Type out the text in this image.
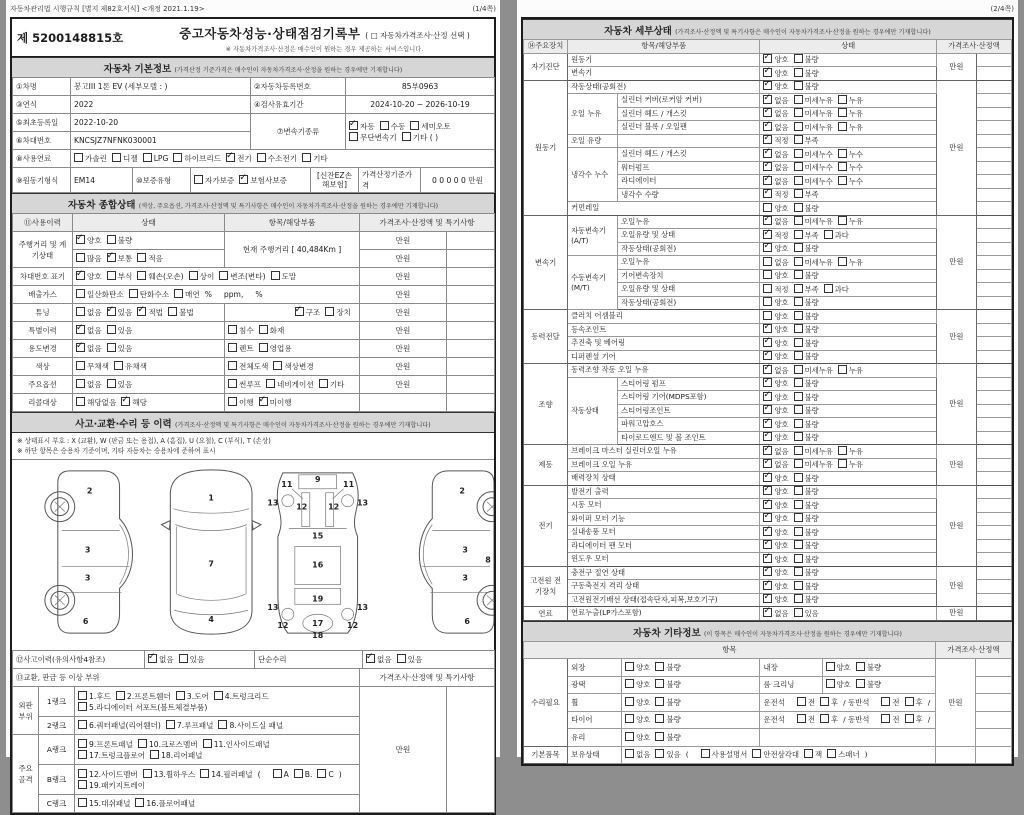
자동차관리법 시행규칙 [별지 제82호서식] <개정 2021.1.19>	(1/4쪽)
제 5200148815호	중고자동차성능·상태점검기록부 ( □ 자동차가격조사·산정 선택 )
※ 자동차가격조사·산정은 매수인이 원하는 경우 제공하는 서비스입니다.
자동차 기본정보 (가격산정 기준가격은 매수인이 자동차가격조사·산정을 원하는 경우에만 기재합니다)
①차명	봉고III 1톤 EV (세부모델 : )	②자동차등록번호	85부0963
③연식	2022	④검사유효기간	2024-10-20 ~ 2026-10-19
⑤최초등록일	2022-10-20	⑦변속기종류	
✓자동 수동 세미오토
무단변속기 기타 ( )

⑥차대번호	KNCSJZ7NFNK030001		
⑧사용연료	가솔린 디젤 LPG 하이브리드 ✓ 전기 수소전기 기타
⑨원동기형식	EM14	⑩보증유형	자가보증 ✓ 보험사보증	[신잔EZ손해보험]	가격산정기준가격	0 0 0 0 0 만원
자동차 종합상태 (색상, 주요옵션, 가격조사·산정액 및 특기사항은 매수인이 자동차가격조사·산정을 원하는 경우에만 기재합니다)
⑪사용이력	상태	항목/해당부품	가격조사·산정액 및 특기사항	
주행거리 및 계기상태	✓양호 불량	현재 주행거리 [ 40,484Km ]	만원	
	많음 ✓ 보통 적음		만원	
차대번호 표기	✓양호 부식 훼손(오손) 상이 변조(변타) 도말		만원	
배출가스	일산화탄소 탄화수소 매연 % ppm, %		만원	
튜닝	없음 ✓ 있음 ✓ 적법 불법	✓구조 장치	만원	
특별이력	✓없음 있음	침수 화재	만원	
용도변경	✓없음 있음	렌트 영업용	만원	
색상	무채색 유채색	전체도색 색상변경	만원	
주요옵션	없음 있음	썬루프 네비게이션 기타	만원	
리콜대상	해당없음 ✓ 해당	이행 ✓ 미이행		
사고·교환·수리 등 이력 (가격조사·산정액 및 특기사항은 매수인이 자동차가격조사·산정을 원하는 경우에만 기재합니다)
※ 상태표시 부호 : X (교환), W (판금 또는 용접), A (흠집), U (요철), C (부식), T (손상)
※ 하단 항목은 승용차 기준이며, 기타 자동차는 승용차에 준하여 표시
2
3
3
6
1
7
4
11
9
11
13 12	12 13
15
16
19
13	13
12	12
17
18
2
3
3
6
8
⑫사고이력(유의사항4참조)	✓없음 있음	단순수리	✓없음 있음
⑬교환, 판금 등 이상 부위	가격조사·산정액 및 특기사항
외판 부위	1랭크	1.후드 2.프론트휀더 3.도어 4.트렁크리드
5.라디에이터 서포트(볼트체결부품)	만원	
	2랭크	6.쿼터패널(리어휀더) 7.루프패널 8.사이드실 패널		
주요 골격	A랭크	9.프론트패널 10.크로스멤버 11.인사이드패널
17.트렁크플로어 18.리어패널		

	B랭크	12.사이드멤버 13.휠하우스 14.필러패널 ( A B. C )
19.패키지트레이		

	C랭크	15.대쉬패널 16.플로어패널		
(2/4쪽)
자동차 세부상태 (가격조사·산정액 및 특기사항은 매수인이 자동차가격조사·산정을 원하는 경우에만 기재합니다)
⑭주요장치	항목/해당부품		상태	가격조사·산정액	
자기진단	원동기	✓양호 불량	만원	
	변속기	✓양호 불량	
원동기	작동상태(공회전)	✓양호 불량	만원	
	오일 누유	실린더 커버(로커암 커버)	✓없음 미세누유 누유	
		실린더 헤드 / 개스킷	✓없음 미세누유 누유	
		실린더 블록 / 오일팬	✓없음 미세누유 누유	
	오일 유량		✓적정 부족	
	냉각수 누수	실린더 헤드 / 개스킷	✓없음 미세누수 누수	
		워터펌프	✓없음 미세누수 누수	
		라디에이터	✓없음 미세누수 누수	
		냉각수 수량	✓적정 부족	
	커먼레일		양호 불량		
변속기	자동변속기 (A/T)	오일누유	✓없음 미세누유 누유	만원	
		오일유량 및 상태	✓적정 부족 과다	
		작동상태(공회전)	✓양호 불량	
	수동변속기 (M/T)	오일누유	없음 미세누유 누유		
		기어변속장치	양호 불량		
		오일유량 및 상태	적정 부족 과다		
		작동상태(공회전)	양호 불량		
동력전달	클러치 어셈블리		양호 불량	만원	
	등속조인트	✓양호 불량	
	추진축 및 베어링	✓양호 불량	
	디퍼렌셜 기어	✓양호 불량	
조향	동력조향 작동 오일 누유	✓없음 미세누유 누유	만원	
	작동상태	스티어링 펌프	✓양호 불량	
		스티어링 기어(MDPS포함)	✓양호 불량	
		스티어링조인트	✓양호 불량	
		파워고압호스	✓양호 불량	
		타이로드엔드 및 볼 조인트	✓양호 불량	
제동	브레이크 마스터 실린더오일 누유	✓없음 미세누유 누유	만원	
	브레이크 오일 누유	✓없음 미세누유 누유	
	배력장치 상태	✓양호 불량	
전기	발전기 출력	✓양호 불량	만원	
	시동 모터	✓양호 불량	
	와이퍼 모터 기능	✓양호 불량	
	실내송풍 모터	✓양호 불량	
	라디에이터 팬 모터	✓양호 불량	
	윈도우 모터	✓양호 불량	
고전원 전기장치	충전구 절연 상태	✓양호 불량	만원	
	구동축전지 격리 상태	✓양호 불량	
	고전원전기배선 상태(접속단자,피복,보호기구)	✓양호 불량	
연료	연료누출(LP가스포함)	✓없음 있음	만원	
자동차 기타정보 (이 항목은 매수인이 자동차가격조사·산정을 원하는 경우에만 기재합니다)
항목					가격조사·산정액	
수리필요	외장	양호 불량	내장	양호 불량	만원	
	광택	양호 불량	룸 크리닝	양호 불량		
	휠	양호 불량	운전석 전 후 / 동반석 전 후 /			
	타이어	양호 불량	운전석 전 후 / 동반석 전 후 /			
	유리	양호 불량				
기본품목	보유상태	없음 있음 ( 사용설명서 안전삼각대 잭 스패너 )				
